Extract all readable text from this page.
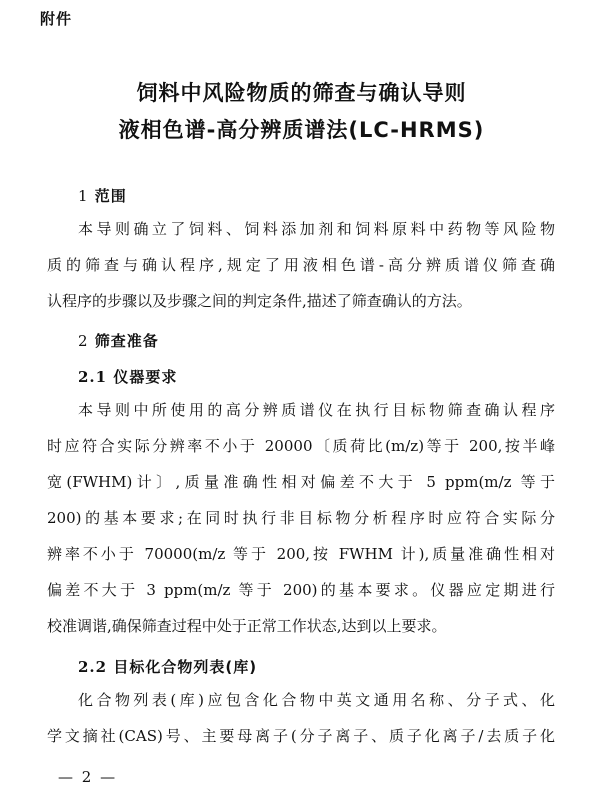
附件
饲料中风险物质的筛查与确认导则
液相色谱-高分辨质谱法(LC-HRMS)
1 范围
本导则确立了饲料、饲料添加剂和饲料原料中药物等风险物
质的筛查与确认程序,规定了用液相色谱-高分辨质谱仪筛查确
认程序的步骤以及步骤之间的判定条件,描述了筛查确认的方法。
2 筛查准备
2.1 仪器要求
本导则中所使用的高分辨质谱仪在执行目标物筛查确认程序
时应符合实际分辨率不小于 20000〔质荷比(m/z)等于 200,按半峰
宽(FWHM)计〕,质量准确性相对偏差不大于 5 ppm(m/z 等于
200)的基本要求;在同时执行非目标物分析程序时应符合实际分
辨率不小于 70000(m/z 等于 200,按 FWHM 计),质量准确性相对
偏差不大于 3 ppm(m/z 等于 200)的基本要求。仪器应定期进行
校准调谐,确保筛查过程中处于正常工作状态,达到以上要求。
2.2 目标化合物列表(库)
化合物列表(库)应包含化合物中英文通用名称、分子式、化
学文摘社(CAS)号、主要母离子(分子离子、质子化离子/去质子化
— 2 —
